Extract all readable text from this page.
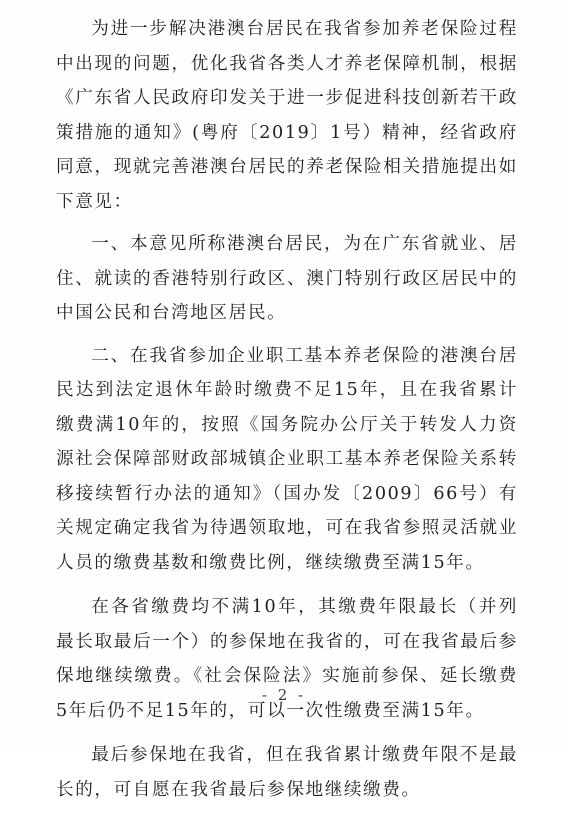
为进一步解决港澳台居民在我省参加养老保险过程中出现的问题，优化我省各类人才养老保障机制，根据《广东省人民政府印发关于进一步促进科技创新若干政策措施的通知》(粤府〔2019〕1号）精神，经省政府同意，现就完善港澳台居民的养老保险相关措施提出如下意见：

一、本意见所称港澳台居民，为在广东省就业、居住、就读的香港特别行政区、澳门特别行政区居民中的中国公民和台湾地区居民。

二、在我省参加企业职工基本养老保险的港澳台居民达到法定退休年龄时缴费不足15年，且在我省累计缴费满10年的，按照《国务院办公厅关于转发人力资源社会保障部财政部城镇企业职工基本养老保险关系转移接续暂行办法的通知》（国办发〔2009〕66号）有关规定确定我省为待遇领取地，可在我省参照灵活就业人员的缴费基数和缴费比例，继续缴费至满15年。

在各省缴费均不满10年，其缴费年限最长（并列最长取最后一个）的参保地在我省的，可在我省最后参保地继续缴费。《社会保险法》实施前参保、延长缴费5年后仍不足15年的，可以一次性缴费至满15年。

最后参保地在我省，但在我省累计缴费年限不是最长的，可自愿在我省最后参保地继续缴费。

- 2 -
